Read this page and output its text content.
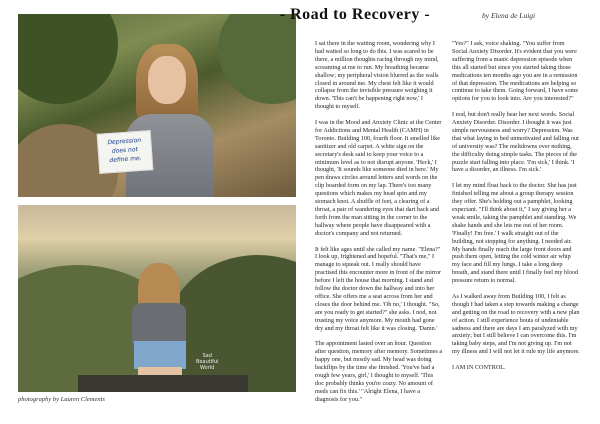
Depression
does not
define me.
Sad
Beautiful
World
photography by Lauren Clements
- Road to Recovery -	by Elena de Luigi

I sat there in the waiting room, wondering why I had waited so long to do this. I was scared to be there, a million thoughts racing through my mind, screaming at me to run. My breathing became shallow; my peripheral vision blurred as the walls closed in around me. My chest felt like it would collapse from the invisible pressure weighing it down. 'This can't be happening right now,' I thought to myself.

I was in the Mood and Anxiety Clinic at the Center for Addictions and Mental Health (CAMH) in Toronto. Building 100, fourth floor. It smelled like sanitizer and old carpet. A white sign on the secretary's desk said to keep your voice to a minimum level as to not disrupt anyone. 'Heck,' I thought, 'It sounds like someone died in here.' My pen draws circles around letters and words on the clip boarded form on my lap. There's too many questions which makes my head spin and my stomach knot. A shuffle of feet, a clearing of a throat, a pair of wandering eyes that dart back and forth from the man sitting in the corner to the hallway where people have disappeared with a doctor's company and not returned.

It felt like ages until she called my name. "Elena?" I look up, frightened and hopeful. "That's me," I manage to squeak out. I really should have practised this encounter more in front of the mirror before I left the house that morning. I stand and follow the doctor down the hallway and into her office. She offers me a seat across from her and closes the door behind me. 'Oh no,' I thought. "So, are you ready to get started?" she asks. I nod, not trusting my voice anymore. My mouth had gone dry and my throat felt like it was closing. 'Damn.'

The appointment lasted over an hour. Question after question, memory after memory. Sometimes a happy one, but mostly sad. My head was doing backflips by the time she finished. 'You've had a rough few years, girl,' I thought to myself. 'This doc probably thinks you're crazy. No amount of meds can fix this.' "Alright Elena, I have a diagnosis for you."

"Yes?" I ask, voice shaking. "You suffer from Social Anxiety Disorder. It's evident that you were suffering from a manic depression episode when this all started but since you started taking those medications ten months ago you are in a remission of that depression. The medications are helping so continue to take them. Going forward, I have some options for you to look into. Are you interested?"

I nod, but don't really hear her next words. Social Anxiety Disorder. Disorder. I thought it was just simple nervousness and worry? Depression. Was that what laying in bed unmotivated and falling out of university was? The meltdowns over nothing, the difficulty doing simple tasks. The pieces of the puzzle start falling into place. 'I'm sick,' I think. 'I have a disorder, an illness. I'm sick.'

I let my mind float back to the doctor. She has just finished telling me about a group therapy session they offer. She's holding out a pamphlet, looking expectant. "I'll think about it," I say giving her a weak smile, taking the pamphlet and standing. We shake hands and she lets me out of her room. 'Finally! I'm free.' I walk straight out of the building, not stopping for anything. I needed air. My hands finally reach the large front doors and push them open, letting the cold winter air whip my face and fill my lungs. I take a long deep breath, and stand there until I finally feel my blood pressure return to normal.

As I walked away from Building 100, I felt as though I had taken a step towards making a change and getting on the road to recovery with a new plan of action. I still experience bouts of undeniable sadness and there are days I am paralyzed with my anxiety; but I still believe I can overcome this. I'm taking baby steps, and I'm not giving up. I'm not my illness and I will not let it rule my life anymore.

I AM IN CONTROL.
